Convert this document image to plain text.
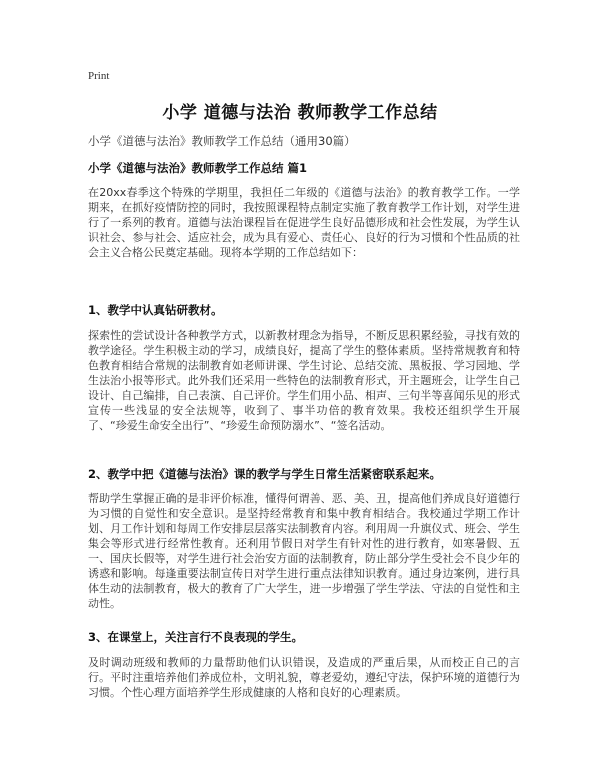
Print
小学 道德与法治 教师教学工作总结
小学《道德与法治》教师教学工作总结（通用30篇）
小学《道德与法治》教师教学工作总结 篇1

在20xx春季这个特殊的学期里，我担任二年级的《道德与法治》的教育教学工作。一学期来，在抓好疫情防控的同时，我按照课程特点制定实施了教育教学工作计划，对学生进行了一系列的教育。道德与法治课程旨在促进学生良好品德形成和社会性发展，为学生认识社会、参与社会、适应社会，成为具有爱心、责任心、良好的行为习惯和个性品质的社会主义合格公民奠定基础。现将本学期的工作总结如下：

1、教学中认真钻研教材。

探索性的尝试设计各种教学方式，以新教材理念为指导，不断反思积累经验，寻找有效的教学途径。学生积极主动的学习，成绩良好，提高了学生的整体素质。坚持常规教育和特色教育相结合常规的法制教育如老师讲课、学生讨论、总结交流、黑板报、学习园地、学生法治小报等形式。此外我们还采用一些特色的法制教育形式，开主题班会，让学生自己设计、自己编排，自己表演、自己评价。学生们用小品、相声、三句半等喜闻乐见的形式宣传一些浅显的安全法规等，收到了、事半功倍的教育效果。我校还组织学生开展了、“珍爱生命安全出行”、“珍爱生命预防溺水”、“签名活动。

2、教学中把《道德与法治》课的教学与学生日常生活紧密联系起来。

帮助学生掌握正确的是非评价标准，懂得何谓善、恶、美、丑，提高他们养成良好道德行为习惯的自觉性和安全意识。是坚持经常教育和集中教育相结合。我校通过学期工作计划、月工作计划和每周工作安排层层落实法制教育内容。利用周一升旗仪式、班会、学生集会等形式进行经常性教育。还利用节假日对学生有针对性的进行教育，如寒暑假、五一、国庆长假等，对学生进行社会治安方面的法制教育，防止部分学生受社会不良少年的诱惑和影响。每逢重要法制宣传日对学生进行重点法律知识教育。通过身边案例，进行具体生动的法制教育，极大的教育了广大学生，进一步增强了学生学法、守法的自觉性和主动性。

3、在课堂上，关注言行不良表现的学生。

及时调动班级和教师的力量帮助他们认识错误，及造成的严重后果，从而校正自己的言行。平时注重培养他们养成位朴，文明礼貌，尊老爱幼，遵纪守法，保护环境的道德行为习惯。个性心理方面培养学生形成健康的人格和良好的心理素质。
